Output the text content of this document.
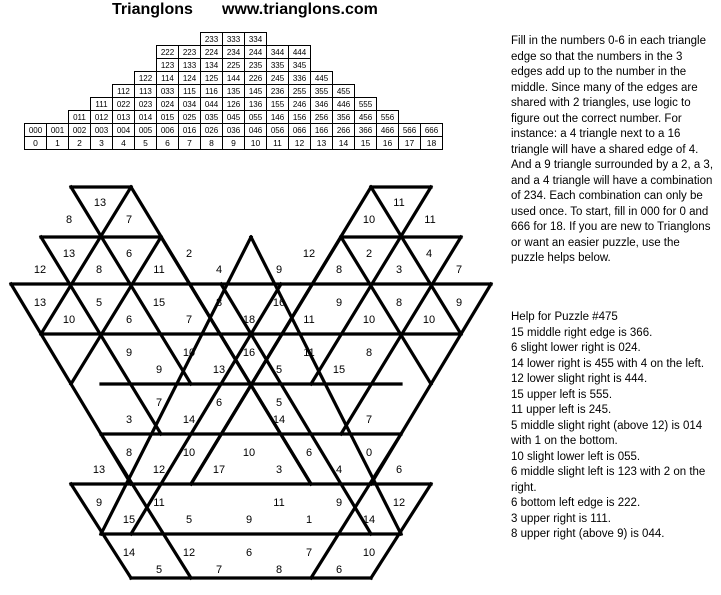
Trianglons www.trianglons.com
								233	333	334								
						222	223	224	234	244	344	444						
						123	133	134	225	235	335	345						
					122	114	124	125	144	226	245	336	445					
				112	113	033	115	116	135	145	236	255	355	455				
			111	022	023	024	034	044	126	136	155	246	346	446	555			
		011	012	013	014	015	025	035	045	055	146	156	256	356	456	556		
000	001	002	003	004	005	006	016	026	036	046	056	066	166	266	366	466	566	666
0	1	2	3	4	5	6	7	8	9	10	11	12	13	14	15	16	17	18
13
8	7
11
10	11
13
8
6	2
11	4
12	9
12
8
2
3
4
7
13	5	15	8	16	9	8	9
10	6	7	18	11	10	10
9	10	16	11	8
9	13	5	15
7	6	5
3	14	14	7
8	10	10	6	0
13	12	17	3	4	6
9	11	11	9	12
15	5	9	1	14
14	12	6	7	10
5	7	8	6
Fill in the numbers 0-6 in each triangle edge so that the numbers in the 3 edges add up to the number in the middle. Since many of the edges are shared with 2 triangles, use logic to figure out the correct number. For instance: a 4 triangle next to a 16 triangle will have a shared edge of 4. And a 9 triangle surrounded by a 2, a 3, and a 4 triangle will have a combination of 234. Each combination can only be used once. To start, fill in 000 for 0 and 666 for 18. If you are new to Trianglons or want an easier puzzle, use the puzzle helps below.

Help for Puzzle #475

15 middle right edge is 366.

6 slight lower right is 024.

14 lower right is 455 with 4 on the left.

12 lower slight right is 444.

15 upper left is 555.

11 upper left is 245.

5 middle slight right (above 12) is 014 with 1 on the bottom.

10 slight lower left is 055.

6 middle slight left is 123 with 2 on the right.

6 bottom left edge is 222.

3 upper right is 111.

8 upper right (above 9) is 044.
